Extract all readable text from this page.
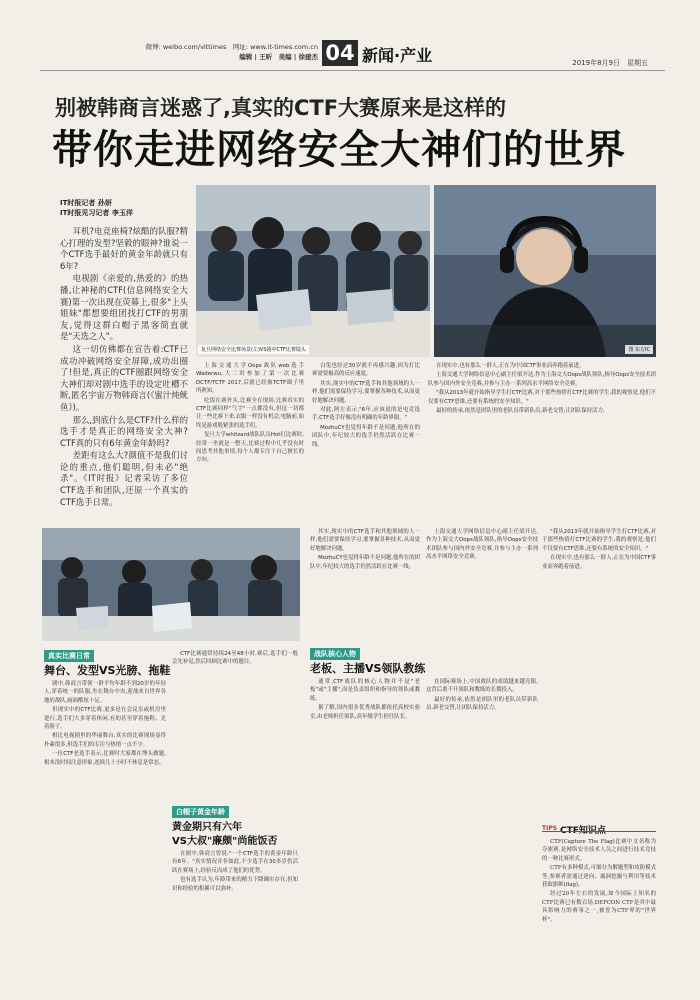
微博: weibo.com/vittimes　网址: www.it-times.com.cn
编辑 | 王昕　美编 | 徐建杰 04 新闻·产业	2019年8月9日　星期五
别被韩商言迷惑了,真实的CTF大赛原来是这样的
带你走进网络安全大神们的世界
IT时报记者 孙妍
IT时报见习记者 李玉洋

耳机?电竞座椅?炫酷的队服?精心打理的发型?坚毅的眼神?谁说一个CTF选手最好的黄金年龄就只有6年?

电视剧《亲爱的,热爱的》的热播,让神秘的CTF(信息网络安全大赛)第一次出现在荧幕上,很多"上头姐妹"都想要组团找打CTF的男朋友,觉得这群白帽子黑客简直就是"天选之人"。

这一切仿佛都在宣告着:CTF已成功冲破网络安全屏障,成功出圈了!但是,真正的CTF圈跟网络安全大神们却对剧中选手的设定吐槽不断,匿名宇宙万物韩商言(《蜜汁炖鱿鱼》)。

那么,到底什么是CTF?什么样的选手才是真正的网络安全大神?CTF真的只有6年黄金年龄吗?

差距有这么大?颜值不是我们讨论的重点,他们聪明,但未必"绝杀"。《IT时报》记者采访了多位CTF选手和团队,还原一个真实的CTF选手日常。

复旦网络安全比赛场景(左)VS剧中CTF比赛镜头	图 东方IC

上海交通大学Oops战队web选手Waderwu,大二时参加了第一次比赛DCTF/TCTF 2017,后就已经被TCTF圈子里所熟知。

吃饭在赛外头,比赛全在现场,比赛真实的CTF比赛同样"气宇"一点都没有,但这一切都让一些比赛下来,衣服一样没有机会,电脑前,始终是游戏般紧张的选手们。

复旦大学whitzard战队队员Hot打比赛时,经常一坐就是一整天,比赛过程中几乎没有时间思考其他事情,每个人都专注于自己擅长的方向。

白兔也经过30岁就不再感兴趣,因为打比赛需要极高的反应速度。

其实,现实中的CTF选手和其他领域的人一样,他们需要保持学习,要掌握各种技术,从而更好地解决问题。

对此,阿左表示,"6年,应该说的是电竞选手,CTF选手好像没有明确的年龄界限。"

MozhuCY也觉得年龄不是问题,他所在的团队中,年纪较大的选手仍然活跃在比赛一线。

在现实中,也有那么一群人,正在为中国CTF事业而奔跑着前进。

上海交通大学网络信息中心副主任梁开达,作为上海交大Oops战队领队,指导Oops安全技术团队参与国内外安全竞赛,并参与主办一系列高水平网络安全竞赛。

"我从2013年就开始指导学生打CTF比赛,对于那些热情打CTF比赛的学生,我的观察是,他们不仅要有CTF思维,还要有系统的安全知识。"

最好的传承,依然是团队里的老队员带新队员,新老交替,让团队保持活力。

真实比赛日常
舞台、发型VS光膀、拖鞋

剧中,韩商言带领一群平均年龄不到20岁的年轻人,穿着统一的队服,坐在舞台中央,迎战来自世界各地的战队,画面酷炫十足。

但现实中的CTF比赛,更多是在会议室或机房里进行,选手们大多穿着休闲,有的甚至穿着拖鞋、光着膀子。

相比电视剧里的华丽舞台,真实的比赛现场显得朴素很多,但选手们的专注与热情一点不少。

一位CTF老选手表示,比赛时大家都在埋头做题,根本没时间注意形象,连续几十小时不休息是常态。

CTF比赛通常持续24至48小时,赛后,选手们一般会先补觉,然后回顾比赛中的题目。

白帽子黄金年龄
黄金期只有六年
VS大叔"廉颇"尚能饭否

在剧中,韩商言曾说:"一个CTF选手的黄金年龄只有6年。"真实情况并非如此,不少选手在30多岁仍活跃在赛场上,经验反而成了他们的优势。

也有选手认为,年龄带来的精力下降确实存在,但知识和经验的积累可以弥补。

其实,现实中的CTF选手和其他领域的人一样,他们需要保持学习,要掌握各种技术,从而更好地解决问题。

MozhuCY也觉得年龄不是问题,他所在的团队中,年纪较大的选手仍然活跃在比赛一线。

上海交通大学网络信息中心副主任梁开达,作为上海交大Oops战队领队,指导Oops安全技术团队参与国内外安全竞赛,并参与主办一系列高水平网络安全竞赛。

战队核心人物
老板、主播VS领队教练

通常,CTF战队的核心人物并不是"老板"或"主播",而是负责组织和指导的领队或教练。

据了解,国内很多优秀战队都依托高校实验室,由老师担任领队,高年级学生担任队长。

在国际赛场上,中国战队的成绩越来越亮眼,这背后离不开领队和教练的长期投入。

最好的传承,依然是团队里的老队员带新队员,新老交替,让团队保持活力。

"我从2013年就开始指导学生打CTF比赛,对于那些热情打CTF比赛的学生,我的观察是,他们不仅要有CTF思维,还要有系统的安全知识。"

在现实中,也有那么一群人,正在为中国CTF事业而奔跑着前进。

TIPS CTF知识点

CTF(Capture The Flag)比赛中文名称为夺旗赛,是网络安全技术人员之间进行技术竞技的一种比赛形式。

CTF有多种模式,可细分为解题型和攻防模式等,参赛者需通过逆向、漏洞挖掘与利用等技术获取旗帜(flag)。

经过20年左右的发展,如今国际上知名的CTF比赛已有数百场,DEFCON CTF是其中最具影响力的赛事之一,被誉为CTF界的"世界杯"。
